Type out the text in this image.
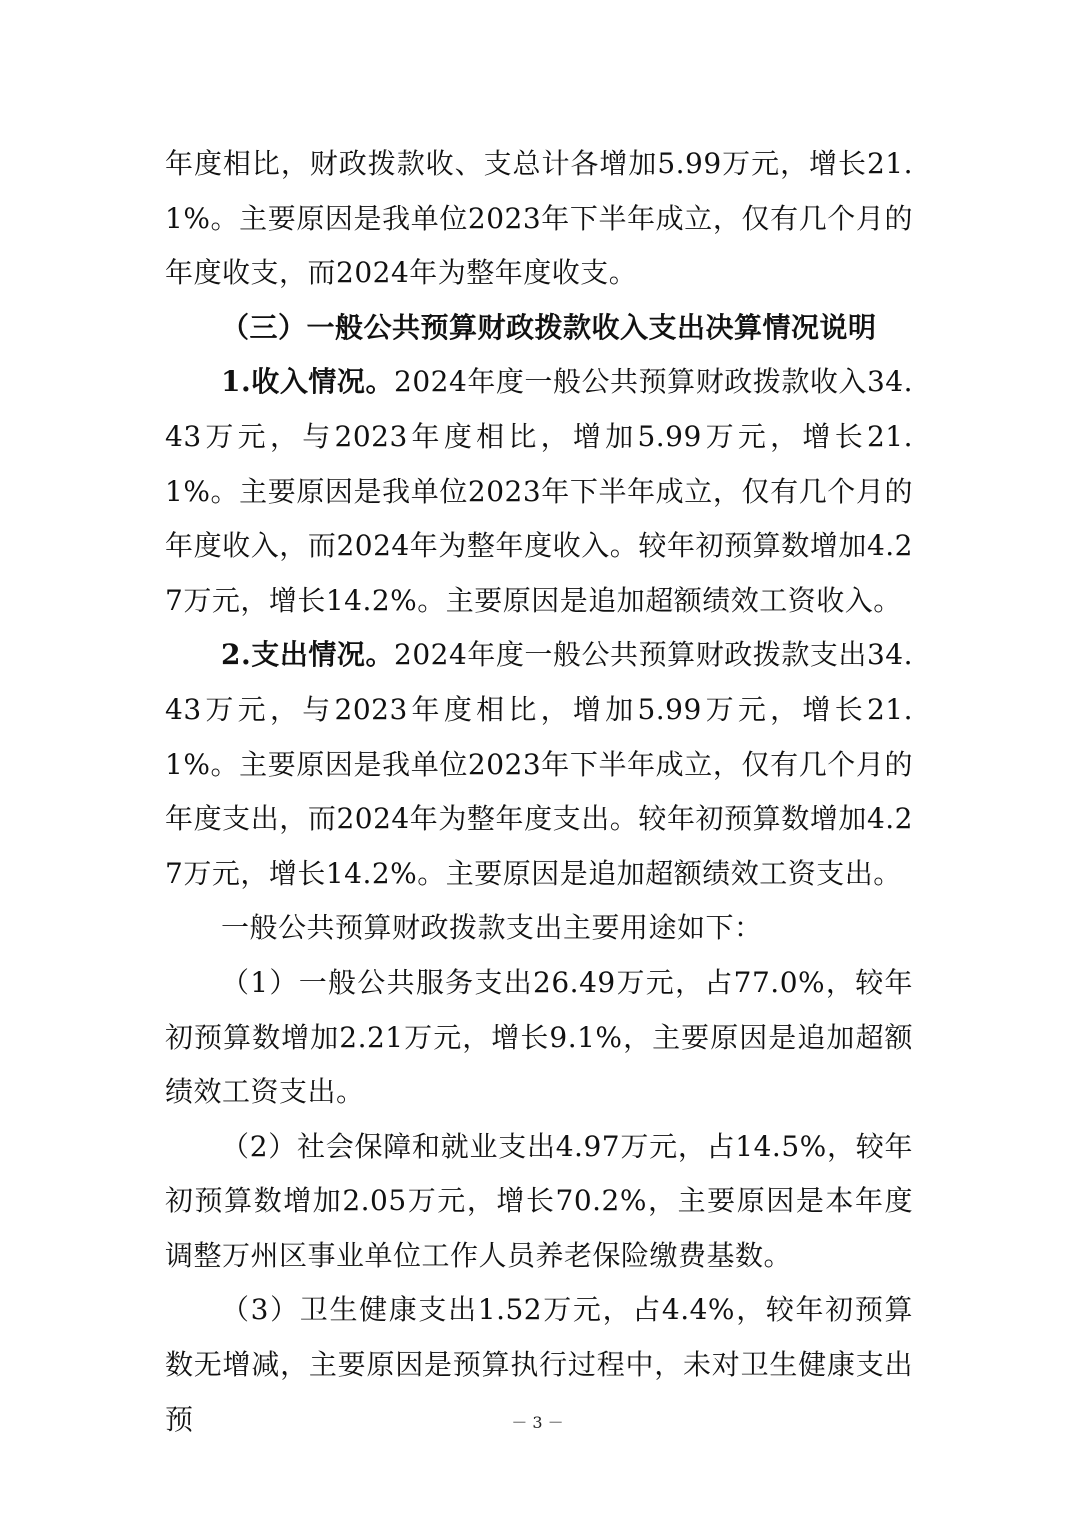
年度相比，财政拨款收、支总计各增加5.99万元，增长21.1%。主要原因是我单位2023年下半年成立，仅有几个月的年度收支，而2024年为整年度收支。

（三）一般公共预算财政拨款收入支出决算情况说明

1.收入情况。2024年度一般公共预算财政拨款收入34.43万元，与2023年度相比，增加5.99万元，增长21.1%。主要原因是我单位2023年下半年成立，仅有几个月的年度收入，而2024年为整年度收入。较年初预算数增加4.27万元，增长14.2%。主要原因是追加超额绩效工资收入。

2.支出情况。2024年度一般公共预算财政拨款支出34.43万元，与2023年度相比，增加5.99万元，增长21.1%。主要原因是我单位2023年下半年成立，仅有几个月的年度支出，而2024年为整年度支出。较年初预算数增加4.27万元，增长14.2%。主要原因是追加超额绩效工资支出。

一般公共预算财政拨款支出主要用途如下：

（1）一般公共服务支出26.49万元，占77.0%，较年初预算数增加2.21万元，增长9.1%，主要原因是追加超额绩效工资支出。

（2）社会保障和就业支出4.97万元，占14.5%，较年初预算数增加2.05万元，增长70.2%，主要原因是本年度调整万州区事业单位工作人员养老保险缴费基数。

（3）卫生健康支出1.52万元，占4.4%，较年初预算数无增减，主要原因是预算执行过程中，未对卫生健康支出预	－ 3 －
